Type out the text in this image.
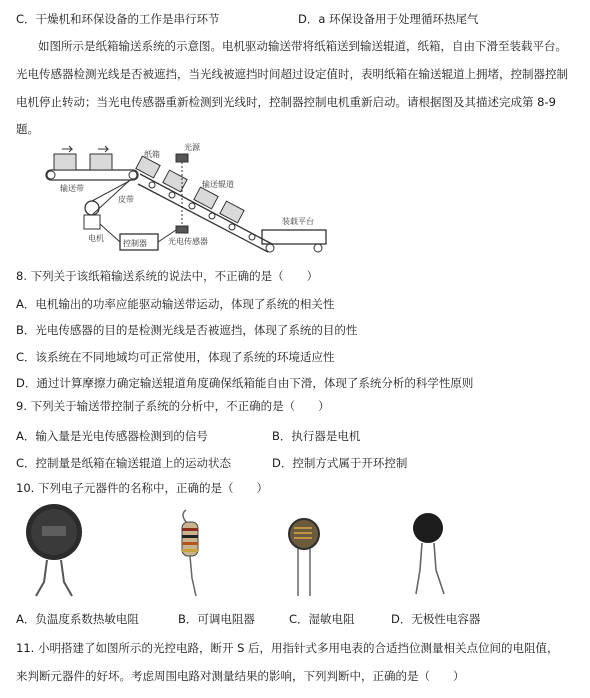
C．干燥机和环保设备的工作是串行环节	D．a 环保设备用于处理循环热尾气
如图所示是纸箱输送系统的示意图。电机驱动输送带将纸箱送到输送辊道，纸箱，自由下滑至装载平台。
光电传感器检测光线是否被遮挡，当光线被遮挡时间超过设定值时，表明纸箱在输送辊道上拥堵，控制器控制
电机停止转动；当光电传感器重新检测到光线时，控制器控制电机重新启动。请根据图及其描述完成第 8-9
题。
输送带
电机
皮带
纸箱
输送辊道
光源
光电传感器
控制器
装载平台
8. 下列关于该纸箱输送系统的说法中，不正确的是（　　）
A．电机输出的功率应能驱动输送带运动，体现了系统的相关性
B．光电传感器的目的是检测光线是否被遮挡，体现了系统的目的性
C．该系统在不同地域均可正常使用，体现了系统的环境适应性
D．通过计算摩擦力确定输送辊道角度确保纸箱能自由下滑，体现了系统分析的科学性原则
9. 下列关于输送带控制子系统的分析中，不正确的是（　　）
A．输入量是光电传感器检测到的信号	B．执行器是电机
C．控制量是纸箱在输送辊道上的运动状态	D．控制方式属于开环控制
10. 下列电子元器件的名称中，正确的是（　　）
A．负温度系数热敏电阻	B．可调电阻器	C．湿敏电阻	D．无极性电容器
11. 小明搭建了如图所示的光控电路，断开 S 后，用指针式多用电表的合适挡位测量相关点位间的电阻值，
来判断元器件的好坏。考虑周围电路对测量结果的影响，下列判断中，正确的是（　　）
